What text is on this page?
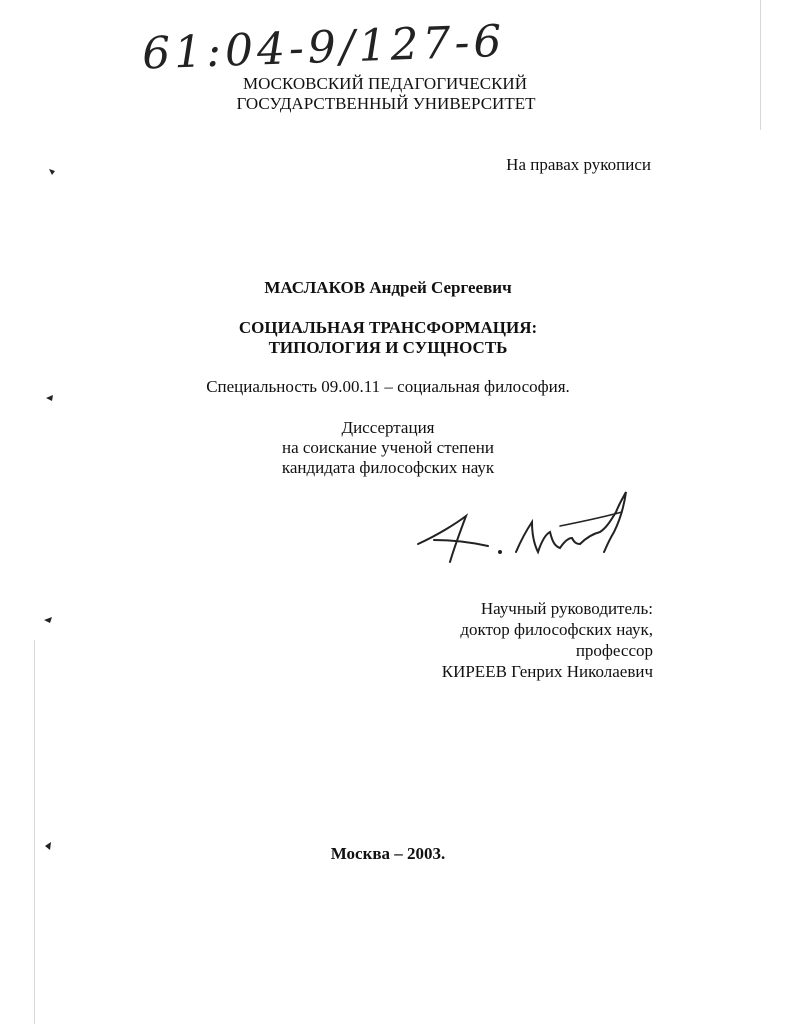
61:04-9/127-6
МОСКОВСКИЙ ПЕДАГОГИЧЕСКИЙ
ГОСУДАРСТВЕННЫЙ УНИВЕРСИТЕТ
На правах рукописи
МАСЛАКОВ Андрей Сергеевич
СОЦИАЛЬНАЯ ТРАНСФОРМАЦИЯ:
ТИПОЛОГИЯ И СУЩНОСТЬ
Специальность 09.00.11 – социальная философия.
Диссертация
на соискание ученой степени
кандидата философских наук
Научный руководитель:
доктор философских наук,
профессор
КИРЕЕВ Генрих Николаевич
Москва – 2003.
